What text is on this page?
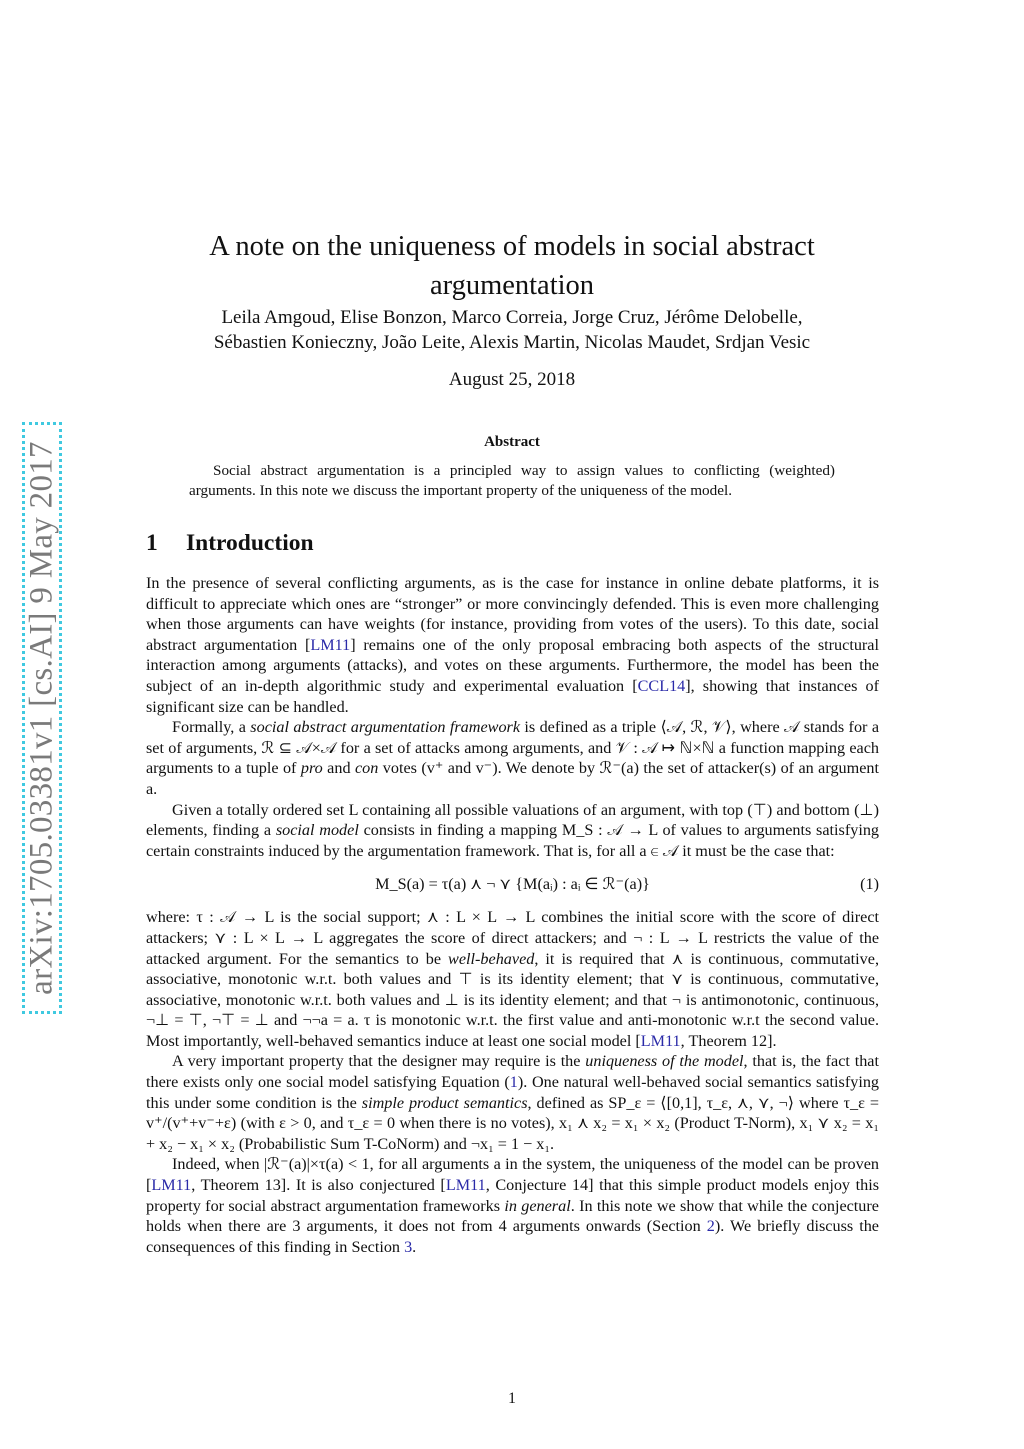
arXiv:1705.03381v1 [cs.AI] 9 May 2017
A note on the uniqueness of models in social abstract argumentation
Leila Amgoud, Elise Bonzon, Marco Correia, Jorge Cruz, Jérôme Delobelle,
Sébastien Konieczny, João Leite, Alexis Martin, Nicolas Maudet, Srdjan Vesic
August 25, 2018
Abstract
Social abstract argumentation is a principled way to assign values to conflicting (weighted) arguments. In this note we discuss the important property of the uniqueness of the model.
1 Introduction

In the presence of several conflicting arguments, as is the case for instance in online debate platforms, it is difficult to appreciate which ones are “stronger” or more convincingly defended. This is even more challenging when those arguments can have weights (for instance, providing from votes of the users). To this date, social abstract argumentation [LM11] remains one of the only proposal embracing both aspects of the structural interaction among arguments (attacks), and votes on these arguments. Furthermore, the model has been the subject of an in-depth algorithmic study and experimental evaluation [CCL14], showing that instances of significant size can be handled.

Formally, a social abstract argumentation framework is defined as a triple ⟨𝒜, ℛ, 𝒱⟩, where 𝒜 stands for a set of arguments, ℛ ⊆ 𝒜×𝒜 for a set of attacks among arguments, and 𝒱 : 𝒜 ↦ ℕ×ℕ a function mapping each arguments to a tuple of pro and con votes (v⁺ and v⁻). We denote by ℛ⁻(a) the set of attacker(s) of an argument a.

Given a totally ordered set L containing all possible valuations of an argument, with top (⊤) and bottom (⊥) elements, finding a social model consists in finding a mapping M_S : 𝒜 → L of values to arguments satisfying certain constraints induced by the argumentation framework. That is, for all a ∈ 𝒜 it must be the case that:

M_S(a) = τ(a) ⋏ ¬ ⋎ {M(aᵢ) : aᵢ ∈ ℛ⁻(a)}	(1)

where: τ : 𝒜 → L is the social support; ⋏ : L × L → L combines the initial score with the score of direct attackers; ⋎ : L × L → L aggregates the score of direct attackers; and ¬ : L → L restricts the value of the attacked argument. For the semantics to be well-behaved, it is required that ⋏ is continuous, commutative, associative, monotonic w.r.t. both values and ⊤ is its identity element; that ⋎ is continuous, commutative, associative, monotonic w.r.t. both values and ⊥ is its identity element; and that ¬ is antimonotonic, continuous, ¬⊥ = ⊤, ¬⊤ = ⊥ and ¬¬a = a. τ is monotonic w.r.t. the first value and anti-monotonic w.r.t the second value. Most importantly, well-behaved semantics induce at least one social model [LM11, Theorem 12].

A very important property that the designer may require is the uniqueness of the model, that is, the fact that there exists only one social model satisfying Equation (1). One natural well-behaved social semantics satisfying this under some condition is the simple product semantics, defined as SP_ε = ⟨[0,1], τ_ε, ⋏, ⋎, ¬⟩ where τ_ε = v⁺/(v⁺+v⁻+ε) (with ε > 0, and τ_ε = 0 when there is no votes), x₁ ⋏ x₂ = x₁ × x₂ (Product T-Norm), x₁ ⋎ x₂ = x₁ + x₂ − x₁ × x₂ (Probabilistic Sum T-CoNorm) and ¬x₁ = 1 − x₁.

Indeed, when |ℛ⁻(a)|×τ(a) < 1, for all arguments a in the system, the uniqueness of the model can be proven [LM11, Theorem 13]. It is also conjectured [LM11, Conjecture 14] that this simple product models enjoy this property for social abstract argumentation frameworks in general. In this note we show that while the conjecture holds when there are 3 arguments, it does not from 4 arguments onwards (Section 2). We briefly discuss the consequences of this finding in Section 3.

1
